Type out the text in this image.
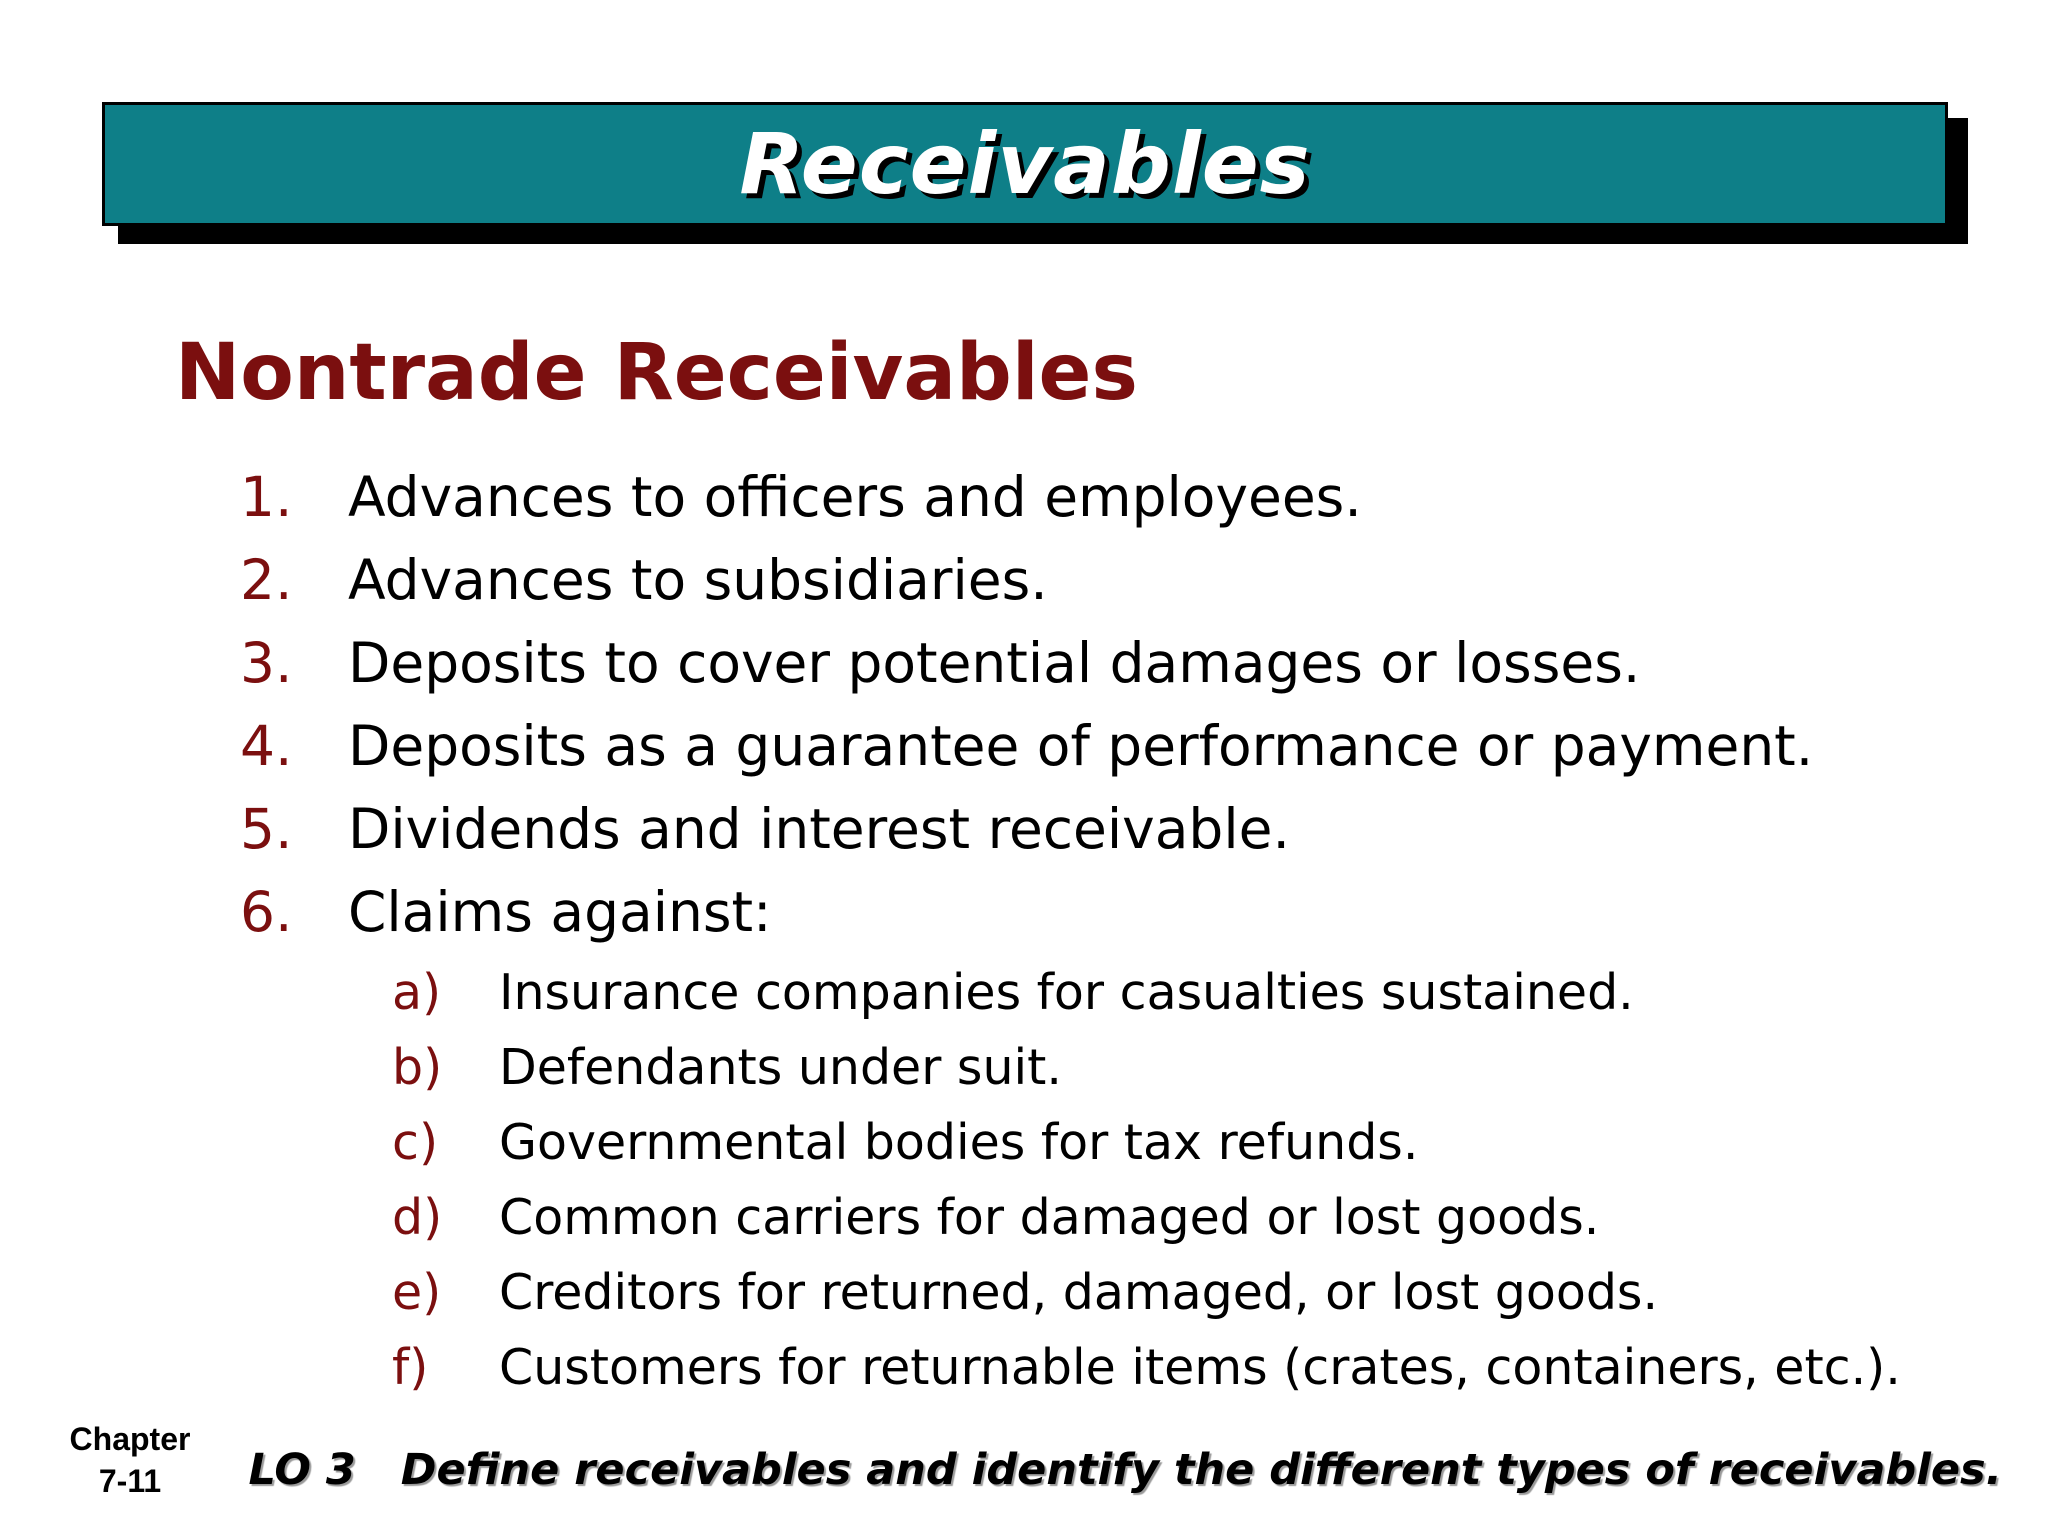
Receivables
Nontrade Receivables
1.	Advances to officers and employees.
2.	Advances to subsidiaries.
3.	Deposits to cover potential damages or losses.
4.	Deposits as a guarantee of performance or payment.
5.	Dividends and interest receivable.
6.	Claims against:
a)	Insurance companies for casualties sustained.
b)	Defendants under suit.
c)	Governmental bodies for tax refunds.
d)	Common carriers for damaged or lost goods.
e)	Creditors for returned, damaged, or lost goods.
f)	Customers for returnable items (crates, containers, etc.).
Chapter
7-11	LO 3 Define receivables and identify the different types of receivables.
